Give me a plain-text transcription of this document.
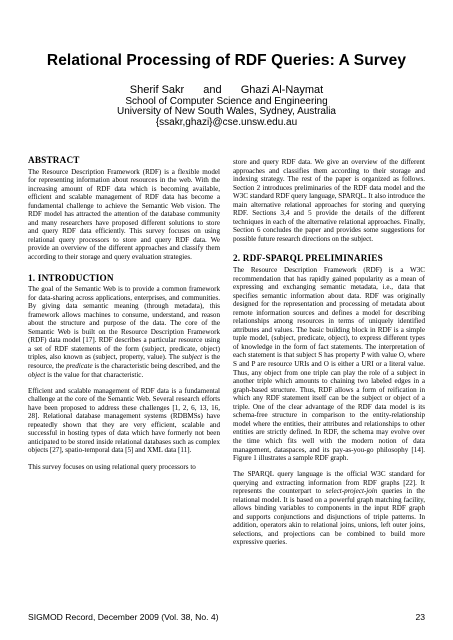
Relational Processing of RDF Queries: A Survey
Sherif Sakr and Ghazi Al-Naymat
School of Computer Science and Engineering
University of New South Wales, Sydney, Australia
{ssakr,ghazi}@cse.unsw.edu.au
ABSTRACT

The Resource Description Framework (RDF) is a flexible model for representing information about resources in the web. With the increasing amount of RDF data which is becoming available, efficient and scalable management of RDF data has become a fundamental challenge to achieve the Semantic Web vision. The RDF model has attracted the attention of the database community and many researchers have proposed different solutions to store and query RDF data efficiently. This survey focuses on using relational query processors to store and query RDF data. We provide an overview of the different approaches and classify them according to their storage and query evaluation strategies.

1. INTRODUCTION

The goal of the Semantic Web is to provide a common framework for data-sharing across applications, enterprises, and communities. By giving data semantic meaning (through metadata), this framework allows machines to consume, understand, and reason about the structure and purpose of the data. The core of the Semantic Web is built on the Resource Description Framework (RDF) data model [17]. RDF describes a particular resource using a set of RDF statements of the form (subject, predicate, object) triples, also known as (subject, property, value). The subject is the resource, the predicate is the characteristic being described, and the object is the value for that characteristic.

Efficient and scalable management of RDF data is a fundamental challenge at the core of the Semantic Web. Several research efforts have been proposed to address these challenges [1, 2, 6, 13, 16, 28]. Relational database management systems (RDBMSs) have repeatedly shown that they are very efficient, scalable and successful in hosting types of data which have formerly not been anticipated to be stored inside relational databases such as complex objects [27], spatio-temporal data [5] and XML data [11].

This survey focuses on using relational query processors to

store and query RDF data. We give an overview of the different approaches and classifies them according to their storage and indexing strategy. The rest of the paper is organized as follows. Section 2 introduces preliminaries of the RDF data model and the W3C standard RDF query language, SPARQL. It also introduce the main alternative relational approaches for storing and querying RDF. Sections 3,4 and 5 provide the details of the different techniques in each of the alternative relational approaches. Finally, Section 6 concludes the paper and provides some suggestions for possible future research directions on the subject.

2. RDF-SPARQL PRELIMINARIES

The Resource Description Framework (RDF) is a W3C recommendation that has rapidly gained popularity as a mean of expressing and exchanging semantic metadata, i.e., data that specifies semantic information about data. RDF was originally designed for the representation and processing of metadata about remote information sources and defines a model for describing relationships among resources in terms of uniquely identified attributes and values. The basic building block in RDF is a simple tuple model, (subject, predicate, object), to express different types of knowledge in the form of fact statements. The interpretation of each statement is that subject S has property P with value O, where S and P are resource URIs and O is either a URI or a literal value. Thus, any object from one triple can play the role of a subject in another triple which amounts to chaining two labeled edges in a graph-based structure. Thus, RDF allows a form of reification in which any RDF statement itself can be the subject or object of a triple. One of the clear advantage of the RDF data model is its schema-free structure in comparison to the entity-relationship model where the entities, their attributes and relationships to other entities are strictly defined. In RDF, the schema may evolve over the time which fits well with the modern notion of data management, dataspaces, and its pay-as-you-go philosophy [14]. Figure 1 illustrates a sample RDF graph.

The SPARQL query language is the official W3C standard for querying and extracting information from RDF graphs [22]. It represents the counterpart to select-project-join queries in the relational model. It is based on a powerful graph matching facility, allows binding variables to components in the input RDF graph and supports conjunctions and disjunctions of triple patterns. In addition, operators akin to relational joins, unions, left outer joins, selections, and projections can be combined to build more expressive queries.

SIGMOD Record, December 2009 (Vol. 38, No. 4)	23
